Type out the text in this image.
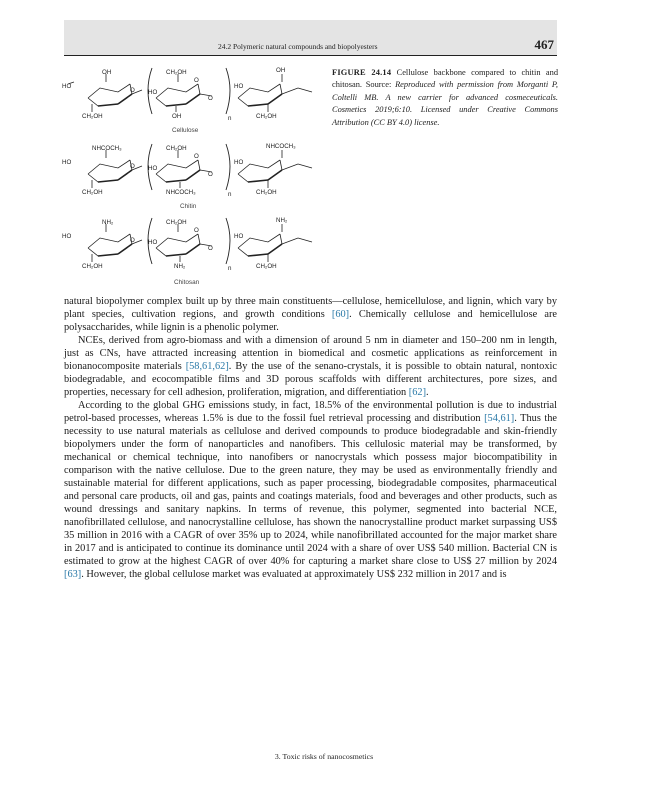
24.2 Polymeric natural compounds and biopolyesters	467
OH
HO
O
CH₂OH
CH₂OH
HO
O
O
OH	n
OH
HO
CH₂OH
Cellulose
NHCOCH₃
HO
O
CH₂OH
CH₂OH
HO
O
O
NHCOCH₃	n
NHCOCH₃
HO
CH₂OH
Chitin
NH₂
HO
O
CH₂OH
CH₂OH
HO
O
O
NH₂	n
NH₂
HO
CH₂OH
Chitosan
FIGURE 24.14 Cellulose backbone compared to chitin and chitosan. Source: Reproduced with permission from Morganti P, Coltelli MB. A new carrier for advanced cosmeceuticals. Cosmetics 2019;6:10. Licensed under Creative Commons Attribution (CC BY 4.0) license.

natural biopolymer complex built up by three main constituents—cellulose, hemicellulose, and lignin, which vary by plant species, cultivation regions, and growth conditions [60]. Chemically cellulose and hemicellulose are polysaccharides, while lignin is a phenolic polymer.

NCEs, derived from agro-biomass and with a dimension of around 5 nm in diameter and 150–200 nm in length, just as CNs, have attracted increasing attention in biomedical and cosmetic applications as reinforcement in bionanocomposite materials [58,61,62]. By the use of the senano-crystals, it is possible to obtain natural, nontoxic biodegradable, and ecocompatible films and 3D porous scaffolds with different architectures, pore sizes, and properties, necessary for cell adhesion, proliferation, migration, and differentiation [62].

According to the global GHG emissions study, in fact, 18.5% of the environmental pollution is due to industrial petrol-based processes, whereas 1.5% is due to the fossil fuel retrieval processing and distribution [54,61]. Thus the necessity to use natural materials as cellulose and derived compounds to produce biodegradable and skin-friendly biopolymers under the form of nanoparticles and nanofibers. This cellulosic material may be transformed, by mechanical or chemical technique, into nanofibers or nanocrystals which possess major biocompatibility in comparison with the native cellulose. Due to the green nature, they may be used as environmentally friendly and sustainable material for different applications, such as paper processing, biodegradable composites, pharmaceutical and personal care products, oil and gas, paints and coatings materials, food and beverages and other products, such as wound dressings and sanitary napkins. In terms of revenue, this polymer, segmented into bacterial NCE, nanofibrillated cellulose, and nanocrystalline cellulose, has shown the nanocrystalline product market surpassing US$ 35 million in 2016 with a CAGR of over 35% up to 2024, while nanofibrillated accounted for the major market share in 2017 and is anticipated to continue its dominance until 2024 with a share of over US$ 540 million. Bacterial CN is estimated to grow at the highest CAGR of over 40% for capturing a market share close to US$ 27 million by 2024 [63]. However, the global cellulose market was evaluated at approximately US$ 232 million in 2017 and is

3. Toxic risks of nanocosmetics
